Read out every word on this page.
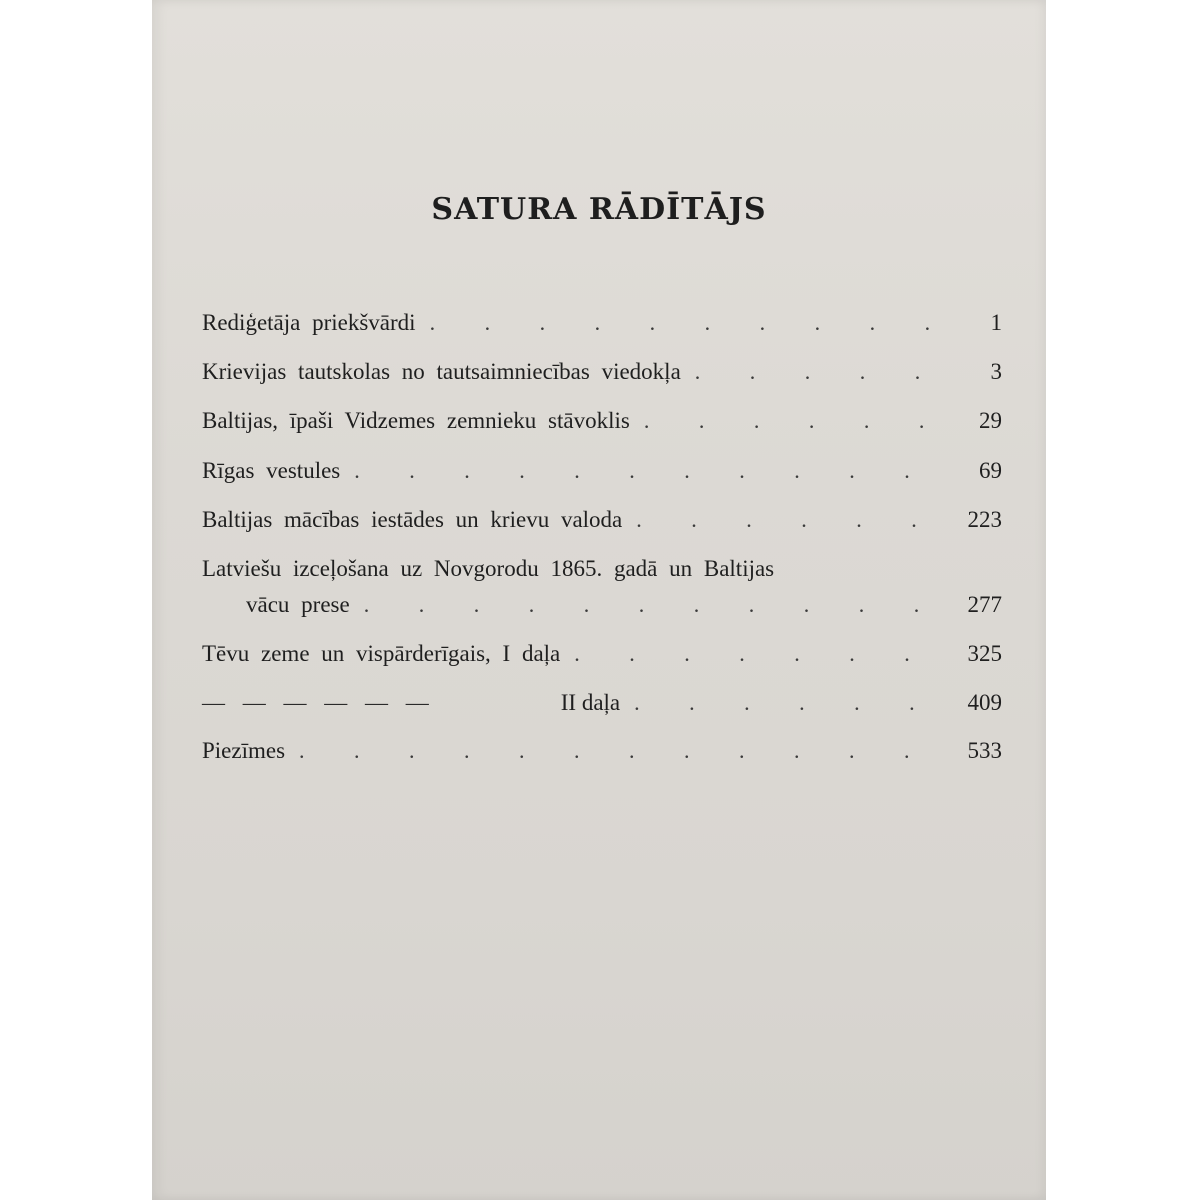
SATURA RĀDĪTĀJS
Rediģetāja priekšvārdi .	1
Krievijas tautskolas no tautsaimniecības viedokļa .	3
Baltijas, īpaši Vidzemes zemnieku stāvoklis .	29
Rīgas vestules .	69
Baltijas mācības iestādes un krievu valoda .	223
Latviešu izceļošana uz Novgorodu 1865. gadā un Baltijas
vācu prese .	277
Tēvu zeme un vispārderīgais, I daļa .	325
— — — — — —	II daļa .	409
Piezīmes .	533
